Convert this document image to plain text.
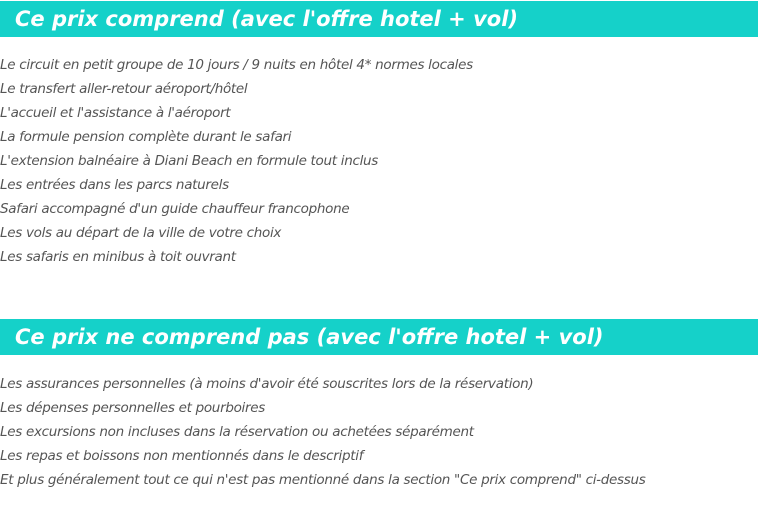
Ce prix comprend (avec l'offre hotel + vol)
Le circuit en petit groupe de 10 jours / 9 nuits en hôtel 4* normes locales
Le transfert aller-retour aéroport/hôtel
L'accueil et l'assistance à l'aéroport
La formule pension complète durant le safari
L'extension balnéaire à Diani Beach en formule tout inclus
Les entrées dans les parcs naturels
Safari accompagné d'un guide chauffeur francophone
Les vols au départ de la ville de votre choix
Les safaris en minibus à toit ouvrant
Ce prix ne comprend pas (avec l'offre hotel + vol)
Les assurances personnelles (à moins d'avoir été souscrites lors de la réservation)
Les dépenses personnelles et pourboires
Les excursions non incluses dans la réservation ou achetées séparément
Les repas et boissons non mentionnés dans le descriptif
Et plus généralement tout ce qui n'est pas mentionné dans la section "Ce prix comprend" ci-dessus
